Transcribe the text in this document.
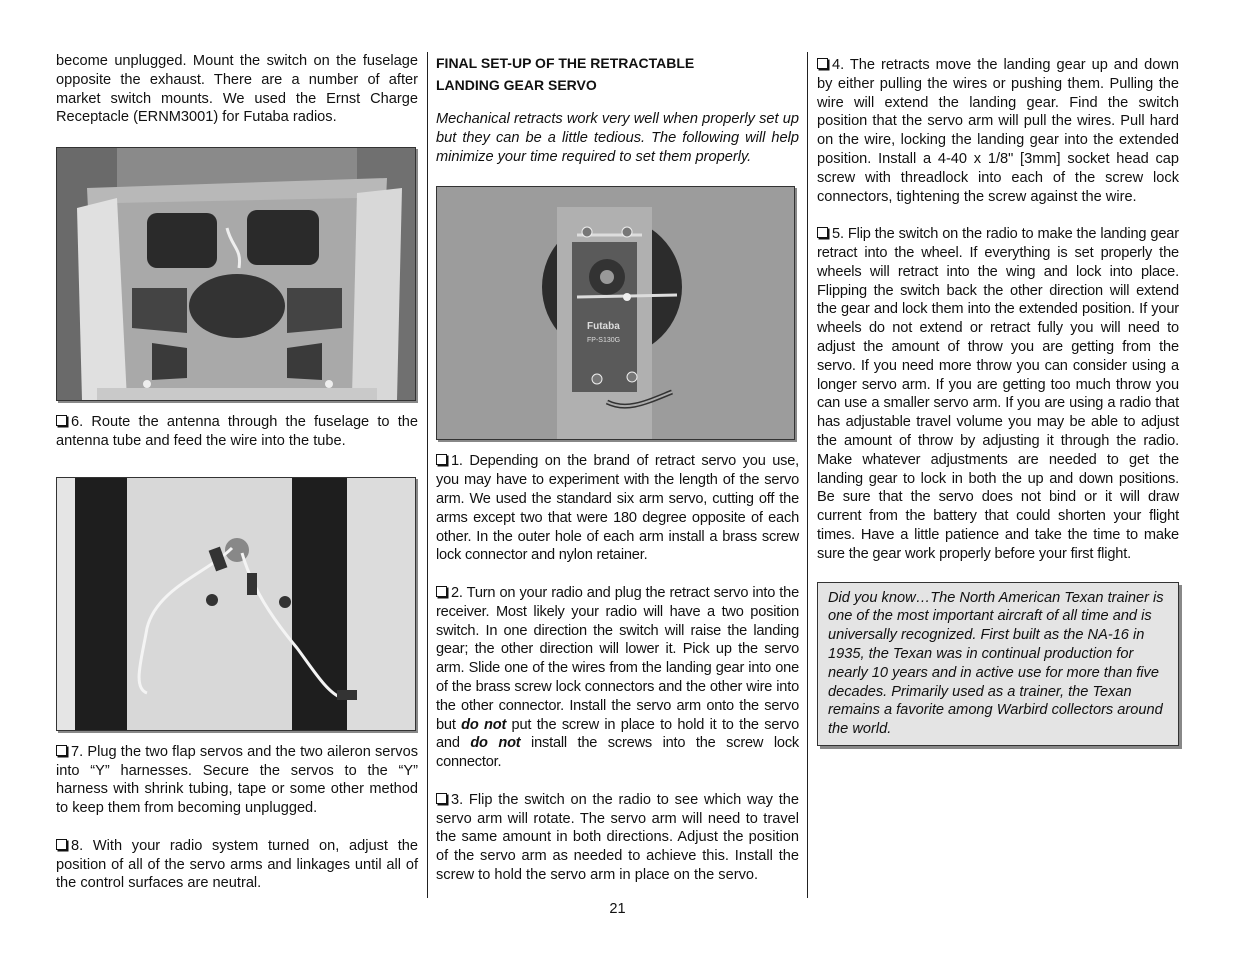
become unplugged. Mount the switch on the fuselage opposite the exhaust. There are a number of after market switch mounts. We used the Ernst Charge Receptacle (ERNM3001) for Futaba radios.

6. Route the antenna through the fuselage to the antenna tube and feed the wire into the tube.

7. Plug the two flap servos and the two aileron servos into “Y” harnesses. Secure the servos to the “Y” harness with shrink tubing, tape or some other method to keep them from becoming unplugged.

8. With your radio system turned on, adjust the position of all of the servo arms and linkages until all of the control surfaces are neutral.

FINAL SET-UP OF THE RETRACTABLE
LANDING GEAR SERVO

Mechanical retracts work very well when properly set up but they can be a little tedious. The following will help minimize your time required to set them properly.

Futaba
FP-S130G

1. Depending on the brand of retract servo you use, you may have to experiment with the length of the servo arm. We used the standard six arm servo, cutting off the arms except two that were 180 degree opposite of each other. In the outer hole of each arm install a brass screw lock connector and nylon retainer.

2. Turn on your radio and plug the retract servo into the receiver. Most likely your radio will have a two position switch. In one direction the switch will raise the landing gear; the other direction will lower it. Pick up the servo arm. Slide one of the wires from the landing gear into one of the brass screw lock connectors and the other wire into the other connector. Install the servo arm onto the servo but do not put the screw in place to hold it to the servo and do not install the screws into the screw lock connector.

3. Flip the switch on the radio to see which way the servo arm will rotate. The servo arm will need to travel the same amount in both directions. Adjust the position of the servo arm as needed to achieve this. Install the screw to hold the servo arm in place on the servo.

4. The retracts move the landing gear up and down by either pulling the wires or pushing them. Pulling the wire will extend the landing gear. Find the switch position that the servo arm will pull the wires. Pull hard on the wire, locking the landing gear into the extended position. Install a 4-40 x 1/8" [3mm] socket head cap screw with threadlock into each of the screw lock connectors, tightening the screw against the wire.

5. Flip the switch on the radio to make the landing gear retract into the wheel. If everything is set properly the wheels will retract into the wing and lock into place. Flipping the switch back the other direction will extend the gear and lock them into the extended position. If your wheels do not extend or retract fully you will need to adjust the amount of throw you are getting from the servo. If you need more throw you can consider using a longer servo arm. If you are getting too much throw you can use a smaller servo arm. If you are using a radio that has adjustable travel volume you may be able to adjust the amount of throw by adjusting it through the radio. Make whatever adjustments are needed to get the landing gear to lock in both the up and down positions. Be sure that the servo does not bind or it will draw current from the battery that could shorten your flight times. Have a little patience and take the time to make sure the gear work properly before your first flight.

Did you know…The North American Texan trainer is one of the most important aircraft of all time and is universally recognized. First built as the NA-16 in 1935, the Texan was in continual production for nearly 10 years and in active use for more than five decades. Primarily used as a trainer, the Texan remains a favorite among Warbird collectors around the world.

21
